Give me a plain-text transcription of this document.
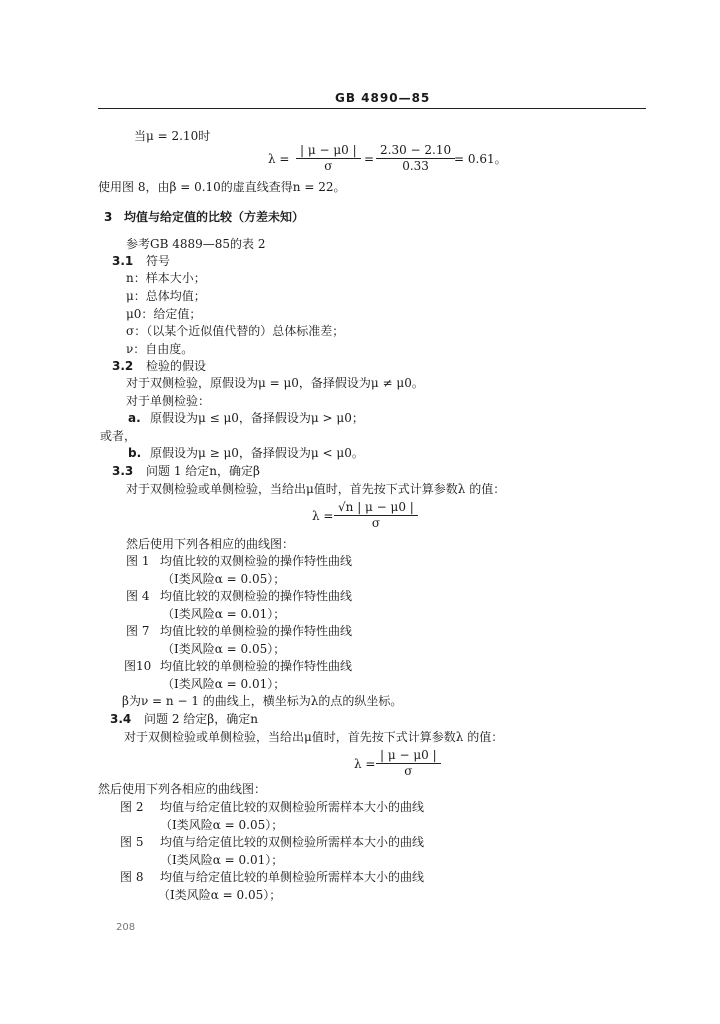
GB 4890—85
当μ = 2.10时
$\lambda = \frac{| \mu - \mu 0 |}{\sigma} = \frac{2.30 - 2.10}{0.33}$
= 0.61。
使用图 8，由β = 0.10的虚直线查得n = 22。
3 均值与给定值的比较（方差未知）
参考GB 4889—85的表 2
3.1 符号
n：样本大小；
μ：总体均值；
μ0：给定值；
σ：（以某个近似值代替的）总体标准差；
ν：自由度。
3.2 检验的假设
对于双侧检验，原假设为μ = μ0，备择假设为μ ≠ μ0。
对于单侧检验：
a. 原假设为μ ≤ μ0，备择假设为μ > μ0；
或者，
b. 原假设为μ ≥ μ0，备择假设为μ < μ0。
3.3 问题 1 给定n，确定β
对于双侧检验或单侧检验，当给出μ值时，首先按下式计算参数λ 的值：
$\lambda = \frac{√n | \mu - \mu 0 |}{\sigma}$
然后使用下列各相应的曲线图：
图 1 均值比较的双侧检验的操作特性曲线
（Ⅰ类风险α = 0.05）；
图 4 均值比较的双侧检验的操作特性曲线
（Ⅰ类风险α = 0.01）；
图 7 均值比较的单侧检验的操作特性曲线
（Ⅰ类风险α = 0.05）；
图10 均值比较的单侧检验的操作特性曲线
（Ⅰ类风险α = 0.01）；
β为ν = n − 1 的曲线上，横坐标为λ的点的纵坐标。
3.4 问题 2 给定β，确定n
对于双侧检验或单侧检验，当给出μ值时，首先按下式计算参数λ 的值：
$\lambda = \frac{| \mu - \mu 0 |}{\sigma}$
然后使用下列各相应的曲线图：
图 2 均值与给定值比较的双侧检验所需样本大小的曲线
（Ⅰ类风险α = 0.05）；
图 5 均值与给定值比较的双侧检验所需样本大小的曲线
（Ⅰ类风险α = 0.01）；
图 8 均值与给定值比较的单侧检验所需样本大小的曲线
（Ⅰ类风险α = 0.05）；
208
